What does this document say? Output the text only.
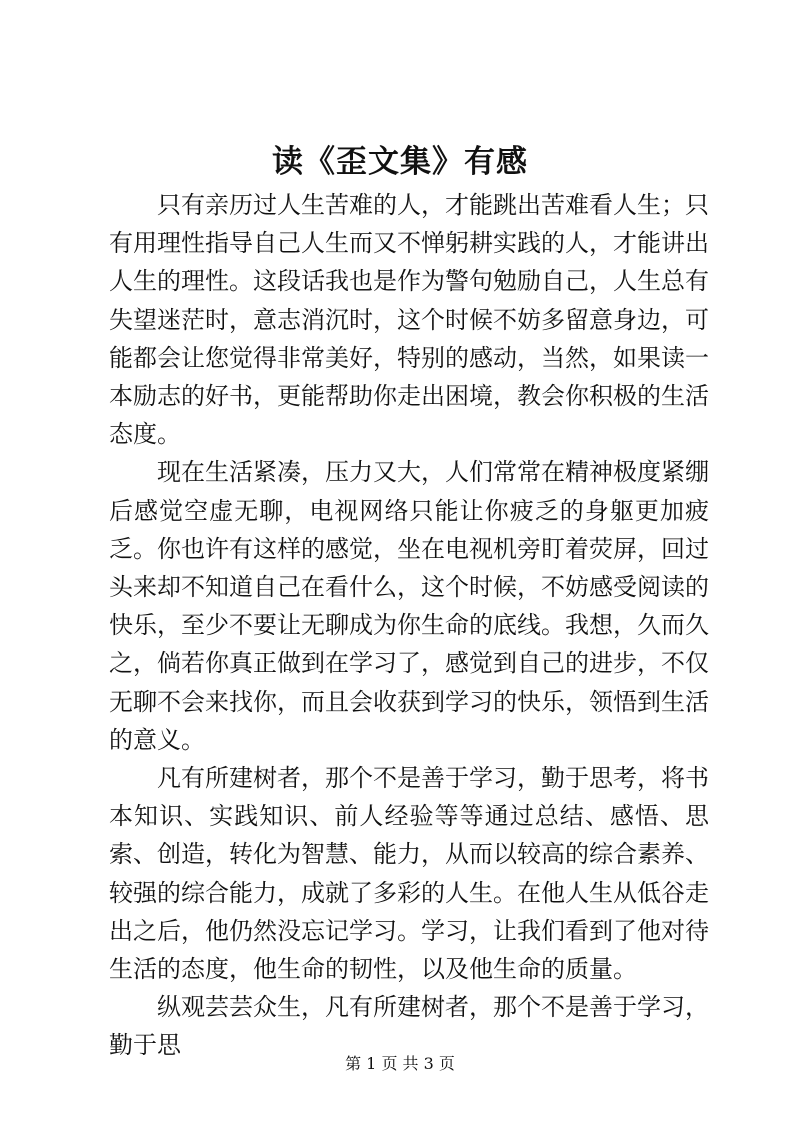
读《歪文集》有感

只有亲历过人生苦难的人，才能跳出苦难看人生；只有用理性指导自己人生而又不惮躬耕实践的人，才能讲出人生的理性。这段话我也是作为警句勉励自己，人生总有失望迷茫时，意志消沉时，这个时候不妨多留意身边，可能都会让您觉得非常美好，特别的感动，当然，如果读一本励志的好书，更能帮助你走出困境，教会你积极的生活态度。

现在生活紧凑，压力又大，人们常常在精神极度紧绷后感觉空虚无聊，电视网络只能让你疲乏的身躯更加疲乏。你也许有这样的感觉，坐在电视机旁盯着荧屏，回过头来却不知道自己在看什么，这个时候，不妨感受阅读的快乐，至少不要让无聊成为你生命的底线。我想，久而久之，倘若你真正做到在学习了，感觉到自己的进步，不仅无聊不会来找你，而且会收获到学习的快乐，领悟到生活的意义。

凡有所建树者，那个不是善于学习，勤于思考，将书本知识、实践知识、前人经验等等通过总结、感悟、思索、创造，转化为智慧、能力，从而以较高的综合素养、较强的综合能力，成就了多彩的人生。在他人生从低谷走出之后，他仍然没忘记学习。学习，让我们看到了他对待生活的态度，他生命的韧性，以及他生命的质量。

纵观芸芸众生，凡有所建树者，那个不是善于学习，勤于思

第 1 页 共 3 页
